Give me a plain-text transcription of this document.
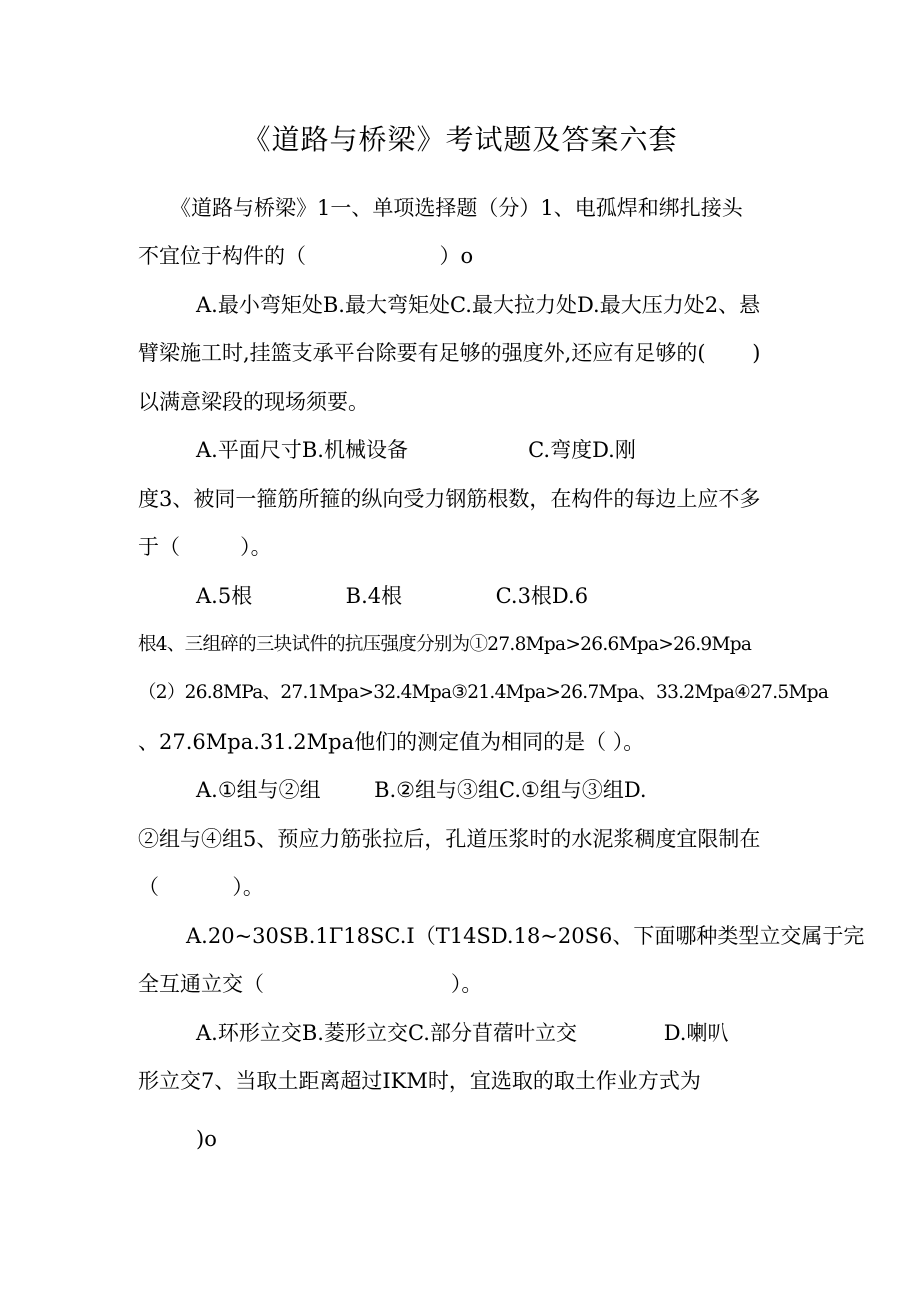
《道路与桥梁》考试题及答案六套
《道路与桥梁》1一、单项选择题（分）1、电孤焊和绑扎接头
不宜位于构件的（                    ）o
A.最小弯矩处B.最大弯矩处C.最大拉力处D.最大压力处2、悬
臂梁施工时,挂篮支承平台除要有足够的强度外,还应有足够的(       )
以满意梁段的现场须要。
A.平面尺寸B.机械设备                  C.弯度D.刚
度3、被同一箍筋所箍的纵向受力钢筋根数，在构件的每边上应不多
于（         ）。
A.5根              B.4根              C.3根D.6
根4、三组碎的三块试件的抗压强度分别为①27.8Mpa>26.6Mpa>26.9Mpa
（2）26.8MPa、27.1Mpa>32.4Mpa③21.4Mpa>26.7Mpa、33.2Mpa④27.5Mpa
、27.6Mpa.31.2Mpa他们的测定值为相同的是（ ）。
A.①组与②组        B.②组与③组C.①组与③组D.
②组与④组5、预应力筋张拉后，孔道压浆时的水泥浆稠度宜限制在
（           ）。
A.20~30SB.1Γ18SC.I（T14SD.18~20S6、下面哪种类型立交属于完
全互通立交（                            ）。
A.环形立交B.菱形立交C.部分苜蓿叶立交             D.喇叭
形立交7、当取土距离超过IKM时，宜选取的取土作业方式为
)o
